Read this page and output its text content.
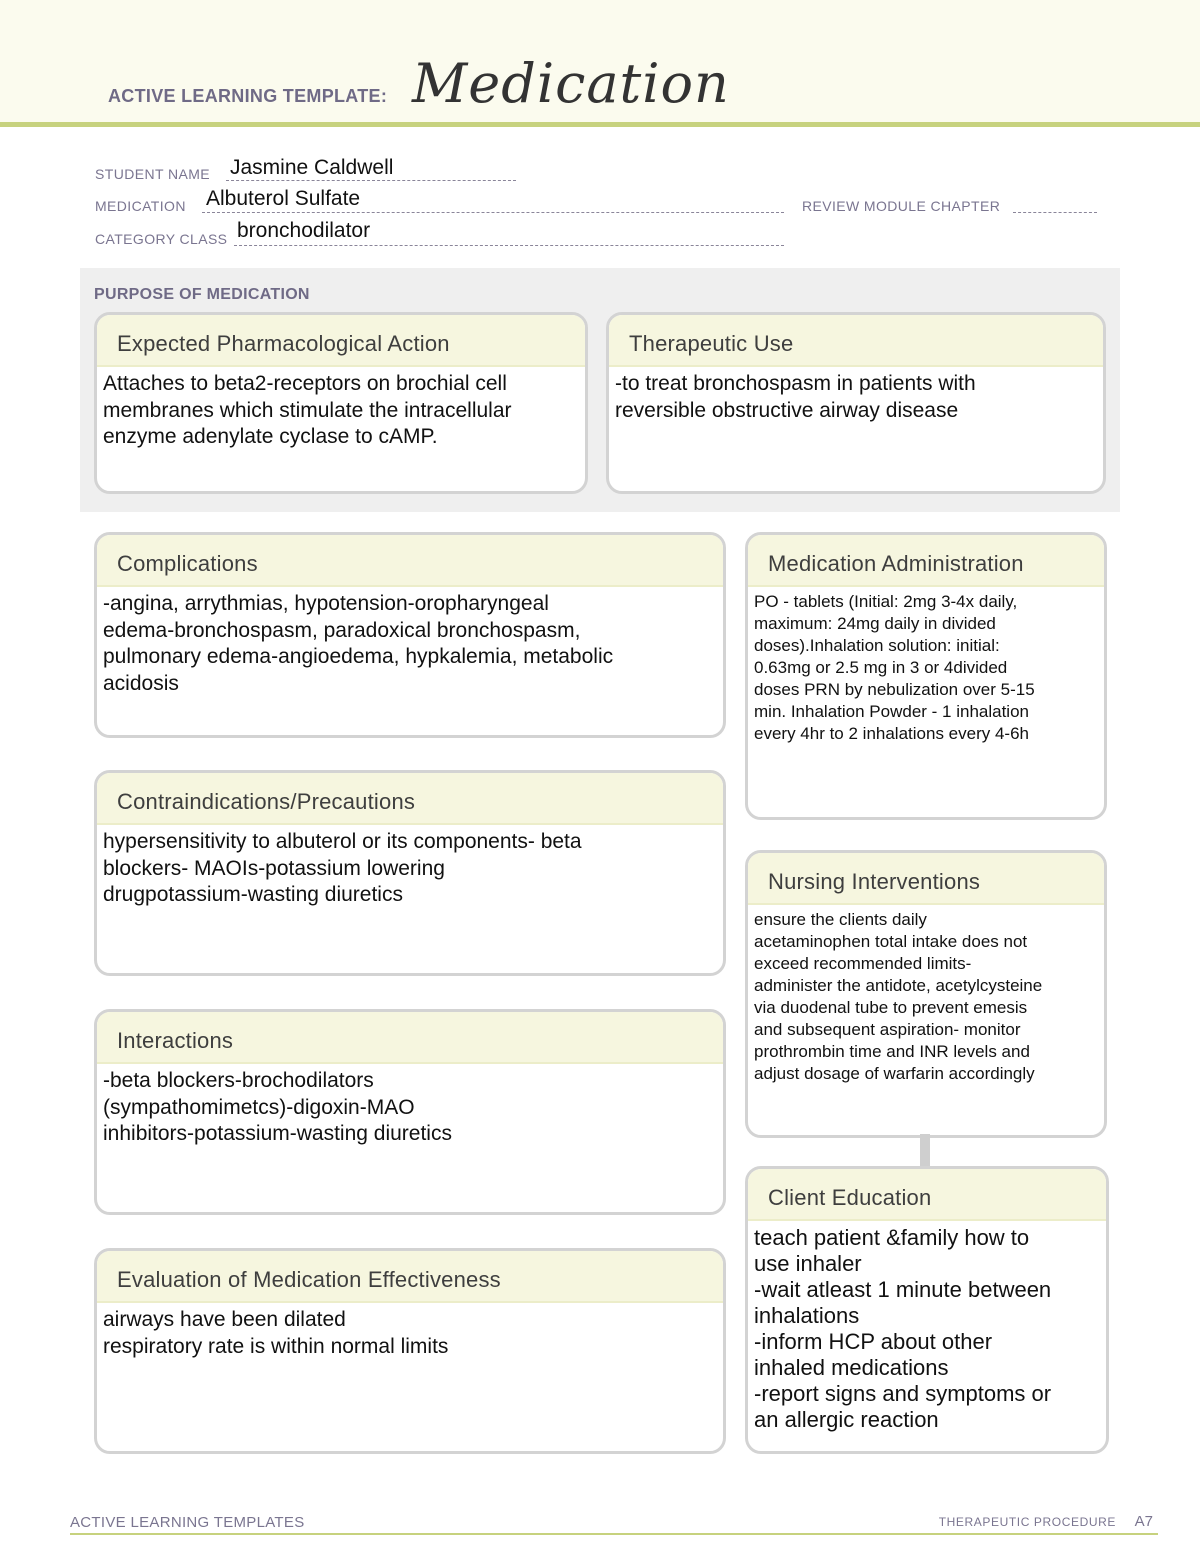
ACTIVE LEARNING TEMPLATE: Medication
STUDENT NAME Jasmine Caldwell
MEDICATION Albuterol Sulfate	REVIEW MODULE CHAPTER
CATEGORY CLASS bronchodilator
PURPOSE OF MEDICATION
Expected Pharmacological Action
Attaches to beta2-receptors on brochial cell
membranes which stimulate the intracellular
enzyme adenylate cyclase to cAMP.
Therapeutic Use
-to treat bronchospasm in patients with
reversible obstructive airway disease
Complications
-angina, arrythmias, hypotension-oropharyngeal
edema-bronchospasm, paradoxical bronchospasm,
pulmonary edema-angioedema, hypkalemia, metabolic
acidosis
Contraindications/Precautions
hypersensitivity to albuterol or its components- beta
blockers- MAOIs-potassium lowering
drugpotassium-wasting diuretics
Interactions
-beta blockers-brochodilators
(sympathomimetcs)-digoxin-MAO
inhibitors-potassium-wasting diuretics
Evaluation of Medication Effectiveness
airways have been dilated
respiratory rate is within normal limits
Medication Administration
PO - tablets (Initial: 2mg 3-4x daily,
maximum: 24mg daily in divided
doses).Inhalation solution: initial:
0.63mg or 2.5 mg in 3 or 4divided
doses PRN by nebulization over 5-15
min. Inhalation Powder - 1 inhalation
every 4hr to 2 inhalations every 4-6h
Nursing Interventions
ensure the clients daily
acetaminophen total intake does not
exceed recommended limits-
administer the antidote, acetylcysteine
via duodenal tube to prevent emesis
and subsequent aspiration- monitor
prothrombin time and INR levels and
adjust dosage of warfarin accordingly
Client Education
teach patient &family how to
use inhaler
-wait atleast 1 minute between
inhalations
-inform HCP about other
inhaled medications
-report signs and symptoms or
an allergic reaction
ACTIVE LEARNING TEMPLATES	THERAPEUTIC PROCEDURE A7
